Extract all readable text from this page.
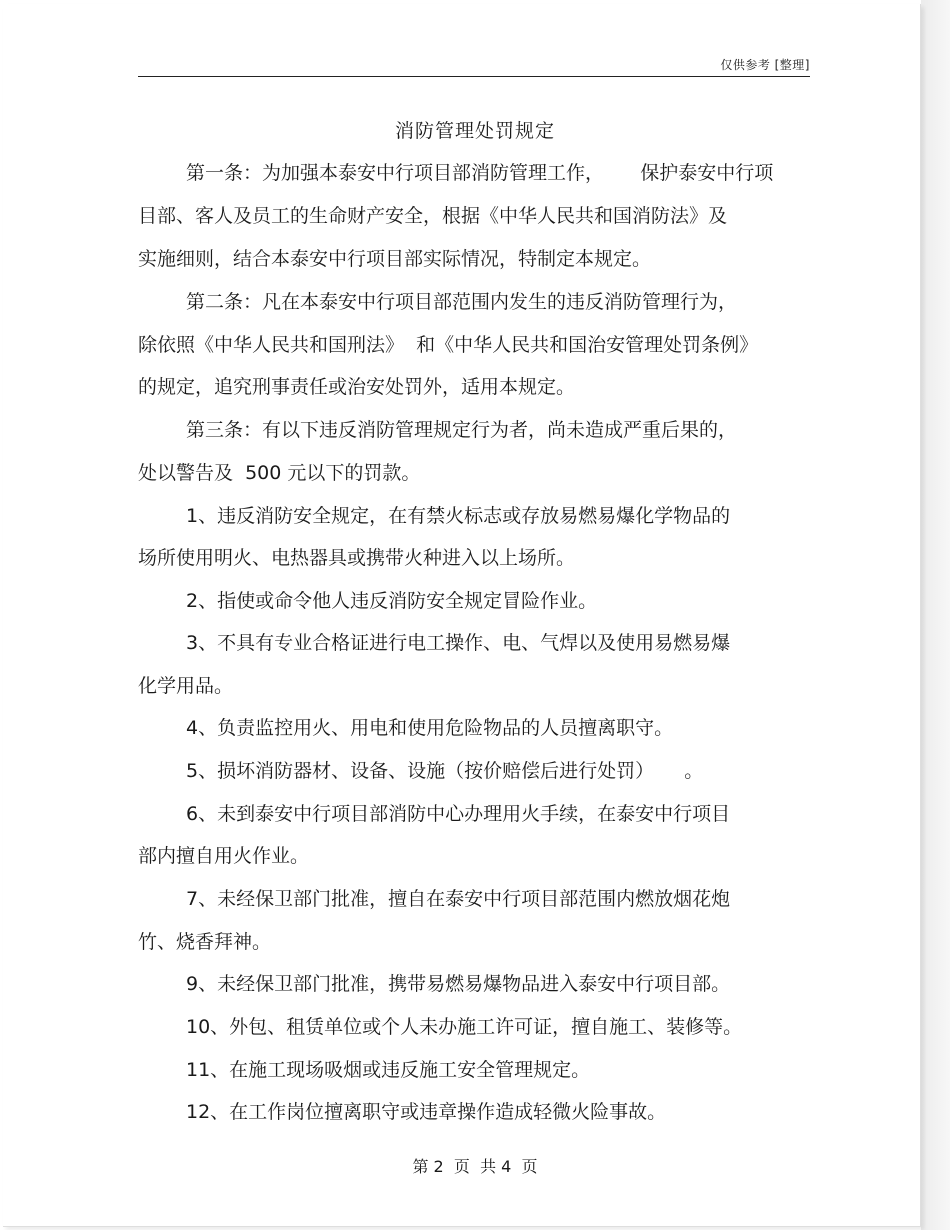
仅供参考 [整理]
消防管理处罚规定
第一条：为加强本泰安中行项目部消防管理工作，      保护泰安中行项
目部、客人及员工的生命财产安全，根据《中华人民共和国消防法》及
实施细则，结合本泰安中行项目部实际情况，特制定本规定。
第二条：凡在本泰安中行项目部范围内发生的违反消防管理行为，
除依照《中华人民共和国刑法》  和《中华人民共和国治安管理处罚条例》
的规定，追究刑事责任或治安处罚外，适用本规定。
第三条：有以下违反消防管理规定行为者，尚未造成严重后果的，
处以警告及  500 元以下的罚款。
1、违反消防安全规定，在有禁火标志或存放易燃易爆化学物品的
场所使用明火、电热器具或携带火种进入以上场所。
2、指使或命令他人违反消防安全规定冒险作业。
3、不具有专业合格证进行电工操作、电、气焊以及使用易燃易爆
化学用品。
4、负责监控用火、用电和使用危险物品的人员擅离职守。
5、损坏消防器材、设备、设施（按价赔偿后进行处罚）     。
6、未到泰安中行项目部消防中心办理用火手续，在泰安中行项目
部内擅自用火作业。
7、未经保卫部门批准，擅自在泰安中行项目部范围内燃放烟花炮
竹、烧香拜神。
9、未经保卫部门批准，携带易燃易爆物品进入泰安中行项目部。
10、外包、租赁单位或个人未办施工许可证，擅自施工、装修等。
11、在施工现场吸烟或违反施工安全管理规定。
12、在工作岗位擅离职守或违章操作造成轻微火险事故。
第 2  页  共 4  页
